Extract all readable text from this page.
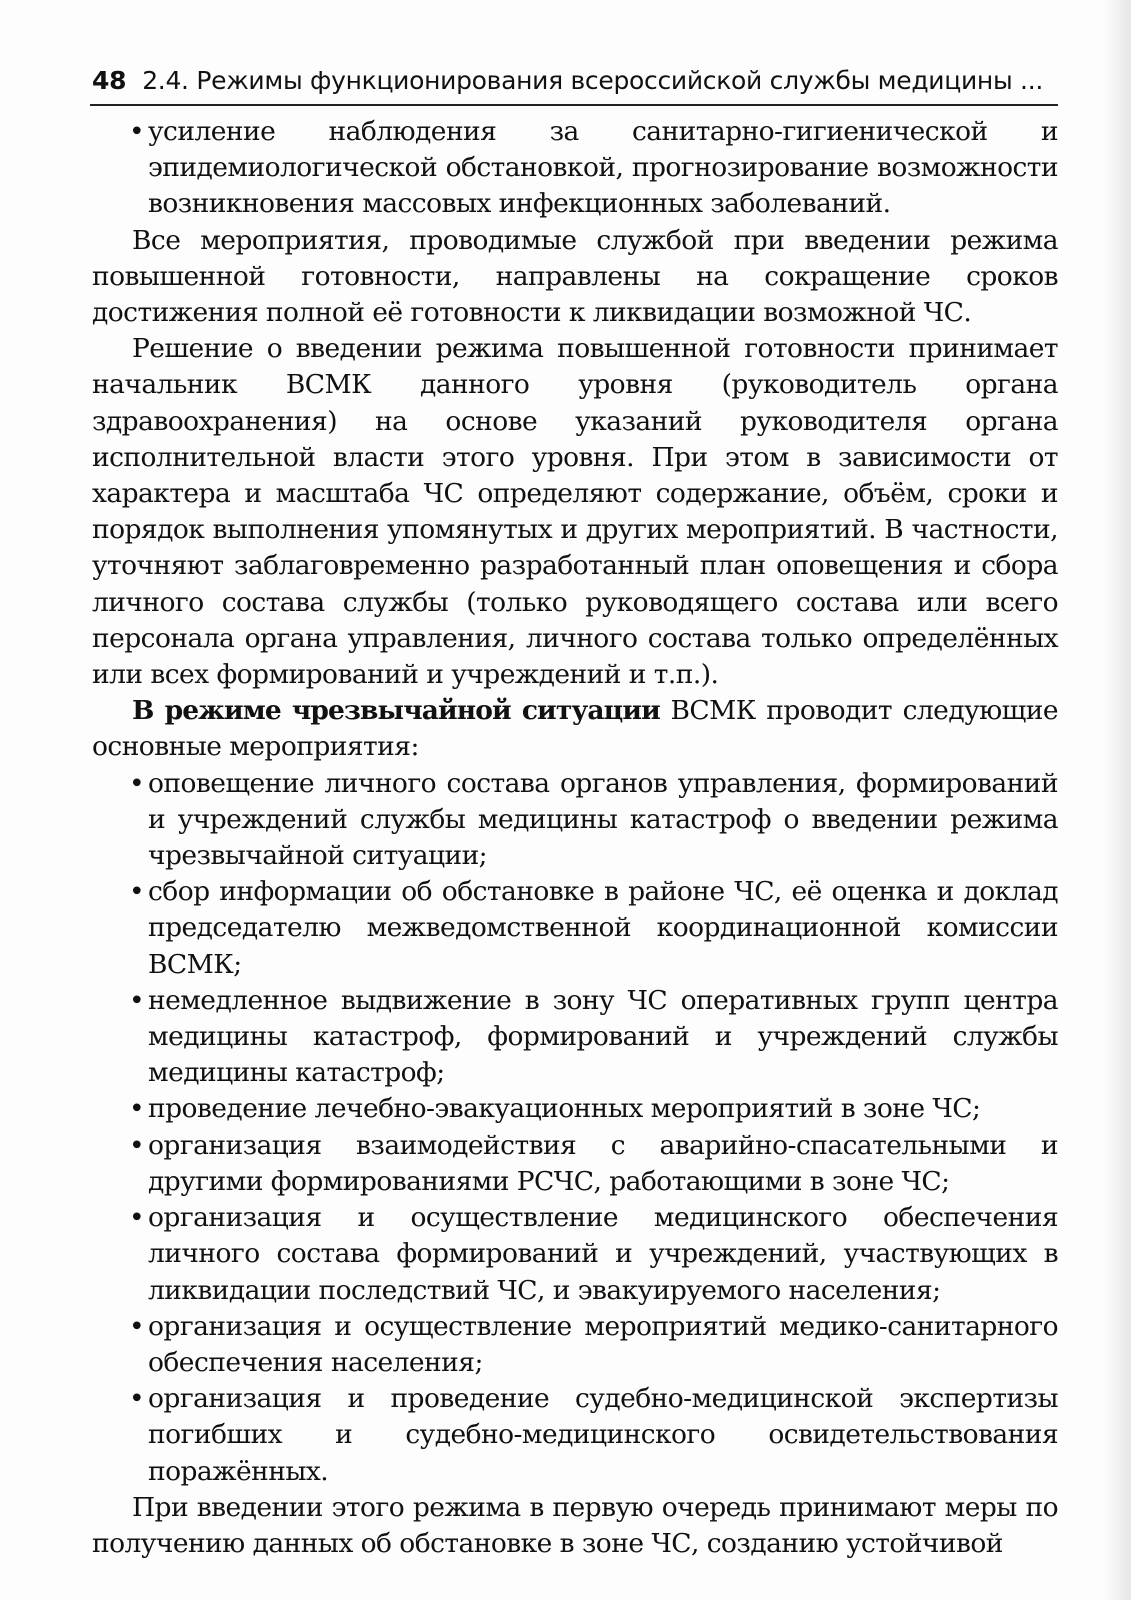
48 2.4. Режимы функционирования всероссийской службы медицины ...
• усиление наблюдения за санитарно-гигиенической и эпидемиологической обстановкой, прогнозирование возможности возникновения массовых инфекционных заболеваний.

Все мероприятия, проводимые службой при введении режима повышенной готовности, направлены на сокращение сроков достижения полной её готовности к ликвидации возможной ЧС.

Решение о введении режима повышенной готовности принимает начальник ВСМК данного уровня (руководитель органа здравоохранения) на основе указаний руководителя органа исполнительной власти этого уровня. При этом в зависимости от характера и масштаба ЧС определяют содержание, объём, сроки и порядок выполнения упомянутых и других мероприятий. В частности, уточняют заблаговременно разработанный план оповещения и сбора личного состава службы (только руководящего состава или всего персонала органа управления, личного состава только определённых или всех формирований и учреждений и т.п.).

В режиме чрезвычайной ситуации ВСМК проводит следующие основные мероприятия:

• оповещение личного состава органов управления, формирований и учреждений службы медицины катастроф о введении режима чрезвычайной ситуации;
• сбор информации об обстановке в районе ЧС, её оценка и доклад председателю межведомственной координационной комиссии ВСМК;
• немедленное выдвижение в зону ЧС оперативных групп центра медицины катастроф, формирований и учреждений службы медицины катастроф;
• проведение лечебно-эвакуационных мероприятий в зоне ЧС;
• организация взаимодействия с аварийно-спасательными и другими формированиями РСЧС, работающими в зоне ЧС;
• организация и осуществление медицинского обеспечения личного состава формирований и учреждений, участвующих в ликвидации последствий ЧС, и эвакуируемого населения;
• организация и осуществление мероприятий медико-санитарного обеспечения населения;
• организация и проведение судебно-медицинской экспертизы погибших и судебно-медицинского освидетельствования поражённых.

При введении этого режима в первую очередь принимают меры по получению данных об обстановке в зоне ЧС, созданию устойчивой
